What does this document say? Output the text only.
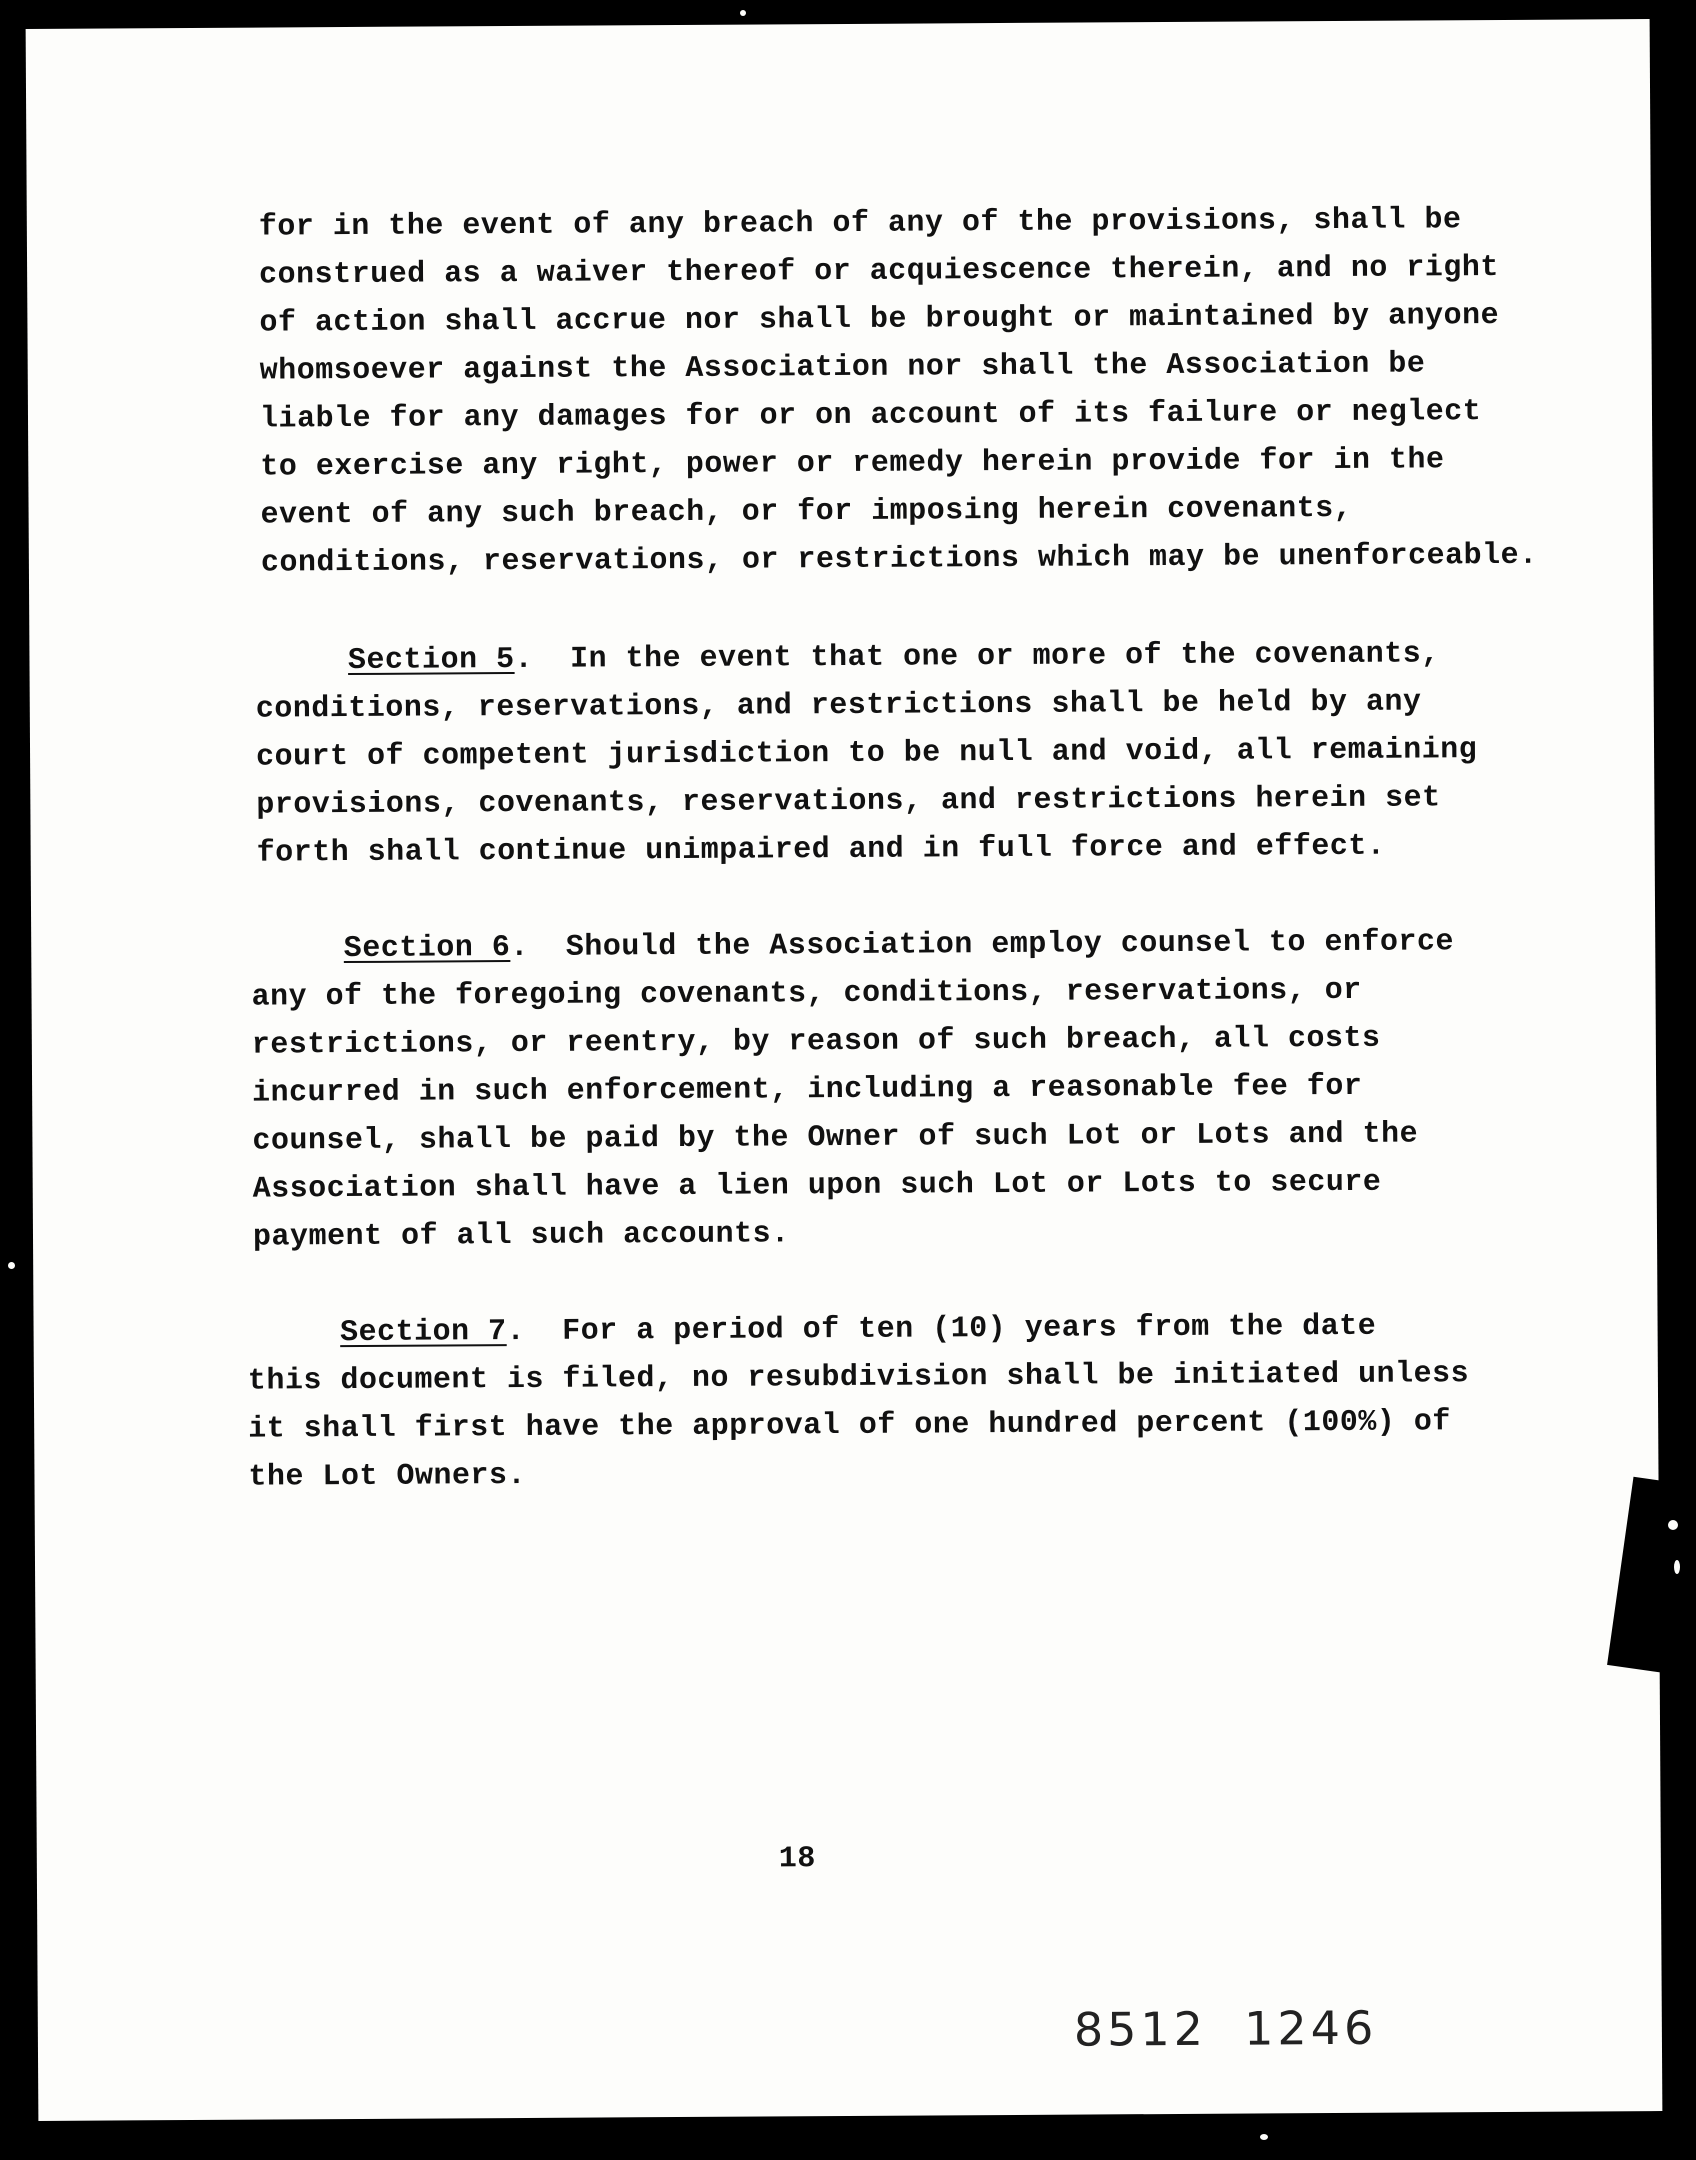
for in the event of any breach of any of the provisions, shall be
construed as a waiver thereof or acquiescence therein, and no right
of action shall accrue nor shall be brought or maintained by anyone
whomsoever against the Association nor shall the Association be
liable for any damages for or on account of its failure or neglect
to exercise any right, power or remedy herein provide for in the
event of any such breach, or for imposing herein covenants,
conditions, reservations, or restrictions which may be unenforceable.
Section 5.  In the event that one or more of the covenants,
conditions, reservations, and restrictions shall be held by any
court of competent jurisdiction to be null and void, all remaining
provisions, covenants, reservations, and restrictions herein set
forth shall continue unimpaired and in full force and effect.
Section 6.  Should the Association employ counsel to enforce
any of the foregoing covenants, conditions, reservations, or
restrictions, or reentry, by reason of such breach, all costs
incurred in such enforcement, including a reasonable fee for
counsel, shall be paid by the Owner of such Lot or Lots and the
Association shall have a lien upon such Lot or Lots to secure
payment of all such accounts.
Section 7.  For a period of ten (10) years from the date
this document is filed, no resubdivision shall be initiated unless
it shall first have the approval of one hundred percent (100%) of
the Lot Owners.
18
8512  1246
